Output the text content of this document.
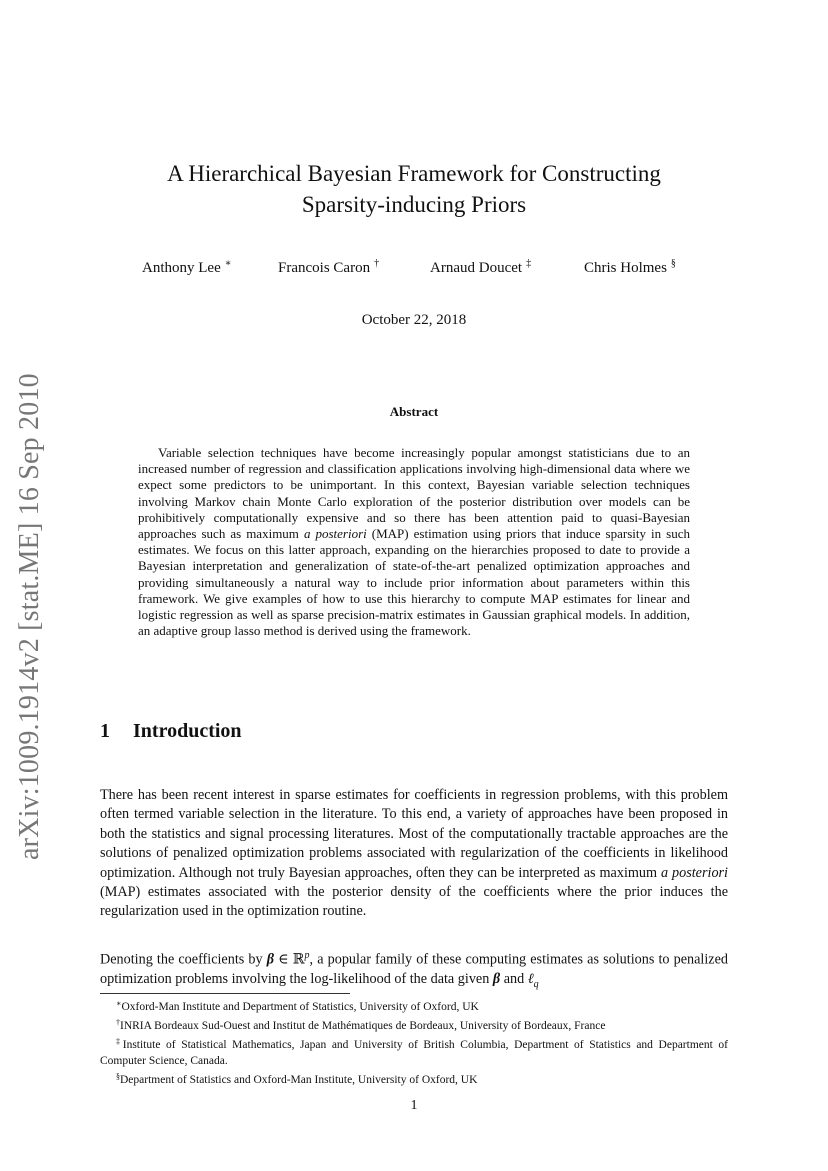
arXiv:1009.1914v2 [stat.ME] 16 Sep 2010
A Hierarchical Bayesian Framework for Constructing
Sparsity-inducing Priors
Anthony Lee ∗	Francois Caron †	Arnaud Doucet ‡	Chris Holmes §
October 22, 2018
Abstract
Variable selection techniques have become increasingly popular amongst statisticians due to an increased number of regression and classification applications involving high-dimensional data where we expect some predictors to be unimportant. In this context, Bayesian variable selection techniques involving Markov chain Monte Carlo exploration of the posterior distribution over models can be prohibitively computationally expensive and so there has been attention paid to quasi-Bayesian approaches such as maximum a posteriori (MAP) estimation using priors that induce sparsity in such estimates. We focus on this latter approach, expanding on the hierarchies proposed to date to provide a Bayesian interpretation and generalization of state-of-the-art penalized optimization approaches and providing simultaneously a natural way to include prior information about parameters within this framework. We give examples of how to use this hierarchy to compute MAP estimates for linear and logistic regression as well as sparse precision-matrix estimates in Gaussian graphical models. In addition, an adaptive group lasso method is derived using the framework.
1 Introduction
There has been recent interest in sparse estimates for coefficients in regression problems, with this problem often termed variable selection in the literature. To this end, a variety of approaches have been proposed in both the statistics and signal processing literatures. Most of the computationally tractable approaches are the solutions of penalized optimization problems associated with regularization of the coefficients in likelihood optimization. Although not truly Bayesian approaches, often they can be interpreted as maximum a posteriori (MAP) estimates associated with the posterior density of the coefficients where the prior induces the regularization used in the optimization routine.
Denoting the coefficients by β ∈ ℝ$^p$, a popular family of these computing estimates as solutions to penalized optimization problems involving the log-likelihood of the data given β and ℓ$_q$
∗Oxford-Man Institute and Department of Statistics, University of Oxford, UK
†INRIA Bordeaux Sud-Ouest and Institut de Mathématiques de Bordeaux, University of Bordeaux, France
‡Institute of Statistical Mathematics, Japan and University of British Columbia, Department of Statistics and Department of Computer Science, Canada.
§Department of Statistics and Oxford-Man Institute, University of Oxford, UK
1
